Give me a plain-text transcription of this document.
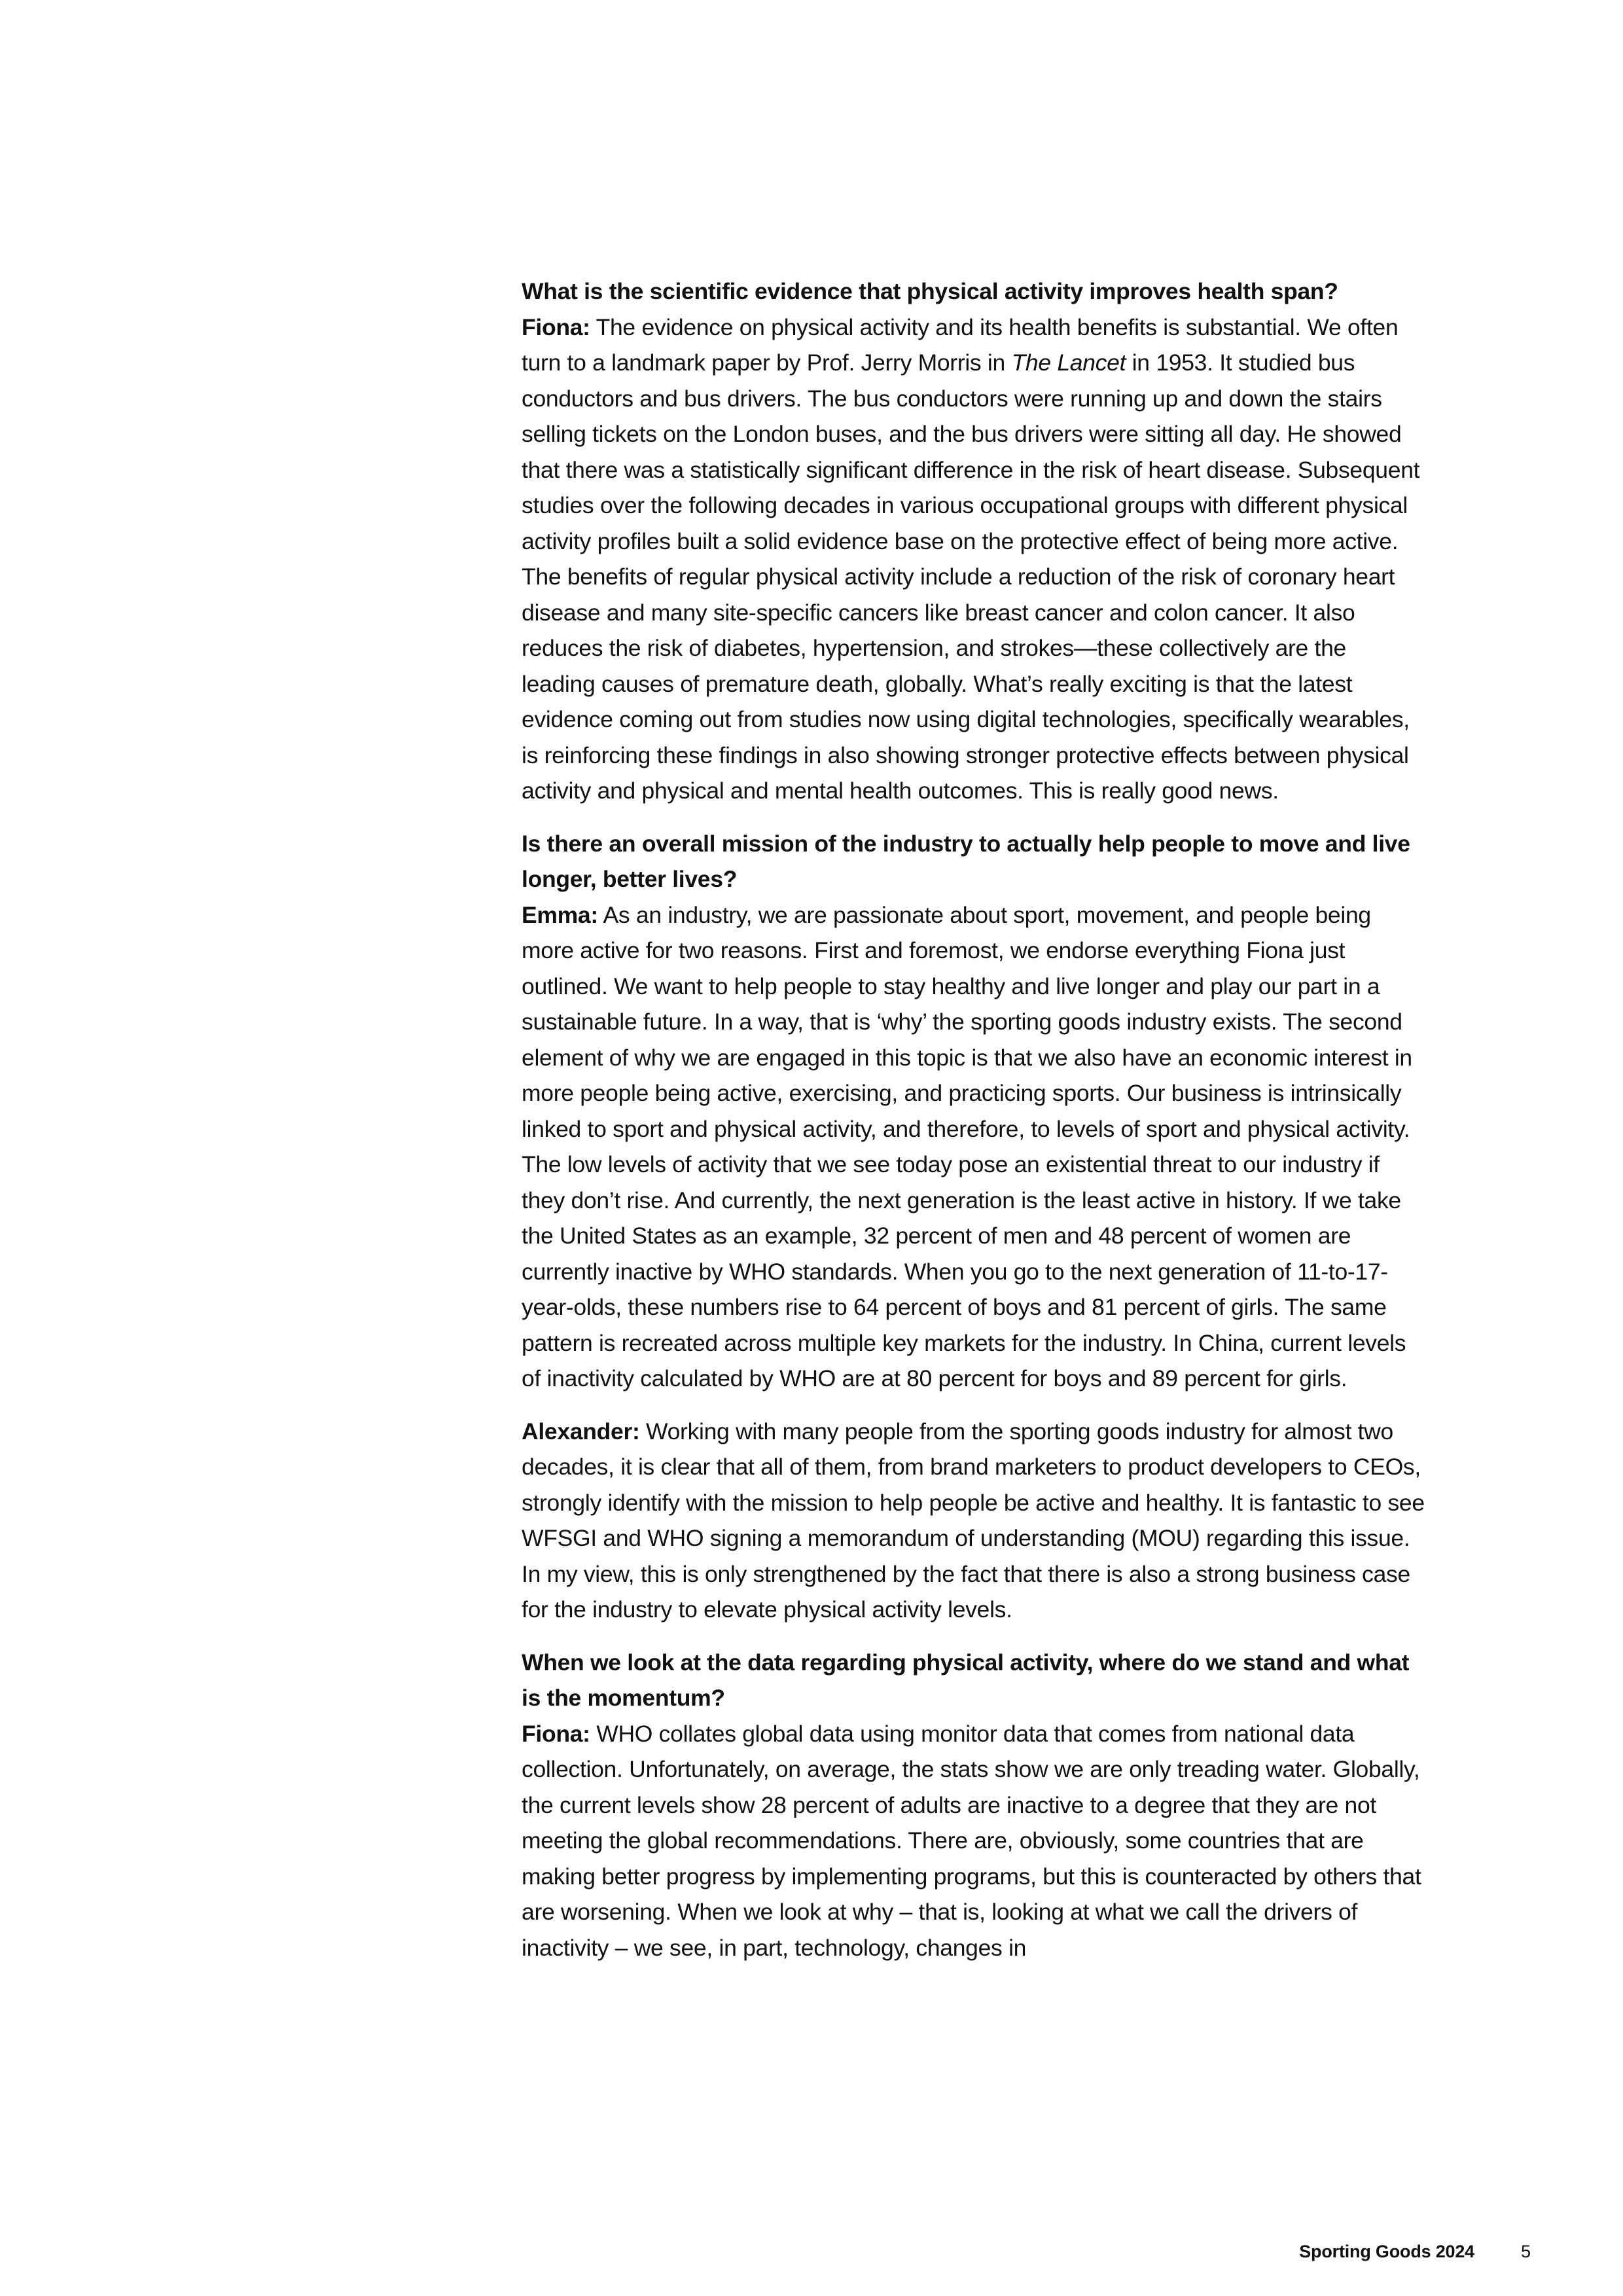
What is the scientific evidence that physical activity improves health span?

Fiona: The evidence on physical activity and its health benefits is substantial. We often turn to a landmark paper by Prof. Jerry Morris in The Lancet in 1953. It studied bus conductors and bus drivers. The bus conductors were running up and down the stairs selling tickets on the London buses, and the bus drivers were sitting all day. He showed that there was a statistically significant difference in the risk of heart disease. Subsequent studies over the following decades in various occupational groups with different physical activity profiles built a solid evidence base on the protective effect of being more active. The benefits of regular physical activity include a reduction of the risk of coronary heart disease and many site-specific cancers like breast cancer and colon cancer. It also reduces the risk of diabetes, hypertension, and strokes—these collectively are the leading causes of premature death, globally. What’s really exciting is that the latest evidence coming out from studies now using digital technologies, specifically wearables, is reinforcing these findings in also showing stronger protective effects between physical activity and physical and mental health outcomes. This is really good news.

Is there an overall mission of the industry to actually help people to move and live longer, better lives?

Emma: As an industry, we are passionate about sport, movement, and people being more active for two reasons. First and foremost, we endorse everything Fiona just outlined. We want to help people to stay healthy and live longer and play our part in a sustainable future. In a way, that is ‘why’ the sporting goods industry exists. The second element of why we are engaged in this topic is that we also have an economic interest in more people being active, exercising, and practicing sports. Our business is intrinsically linked to sport and physical activity, and therefore, to levels of sport and physical activity. The low levels of activity that we see today pose an existential threat to our industry if they don’t rise. And currently, the next generation is the least active in history. If we take the United States as an example, 32 percent of men and 48 percent of women are currently inactive by WHO standards. When you go to the next generation of 11-to-17-year-olds, these numbers rise to 64 percent of boys and 81 percent of girls. The same pattern is recreated across multiple key markets for the industry. In China, current levels of inactivity calculated by WHO are at 80 percent for boys and 89 percent for girls.

Alexander: Working with many people from the sporting goods industry for almost two decades, it is clear that all of them, from brand marketers to product developers to CEOs, strongly identify with the mission to help people be active and healthy. It is fantastic to see WFSGI and WHO signing a memorandum of understanding (MOU) regarding this issue. In my view, this is only strengthened by the fact that there is also a strong business case for the industry to elevate physical activity levels.

When we look at the data regarding physical activity, where do we stand and what is the momentum?

Fiona: WHO collates global data using monitor data that comes from national data collection. Unfortunately, on average, the stats show we are only treading water. Globally, the current levels show 28 percent of adults are inactive to a degree that they are not meeting the global recommendations. There are, obviously, some countries that are making better progress by implementing programs, but this is counteracted by others that are worsening. When we look at why – that is, looking at what we call the drivers of inactivity – we see, in part, technology, changes in

Sporting Goods 2024	5
